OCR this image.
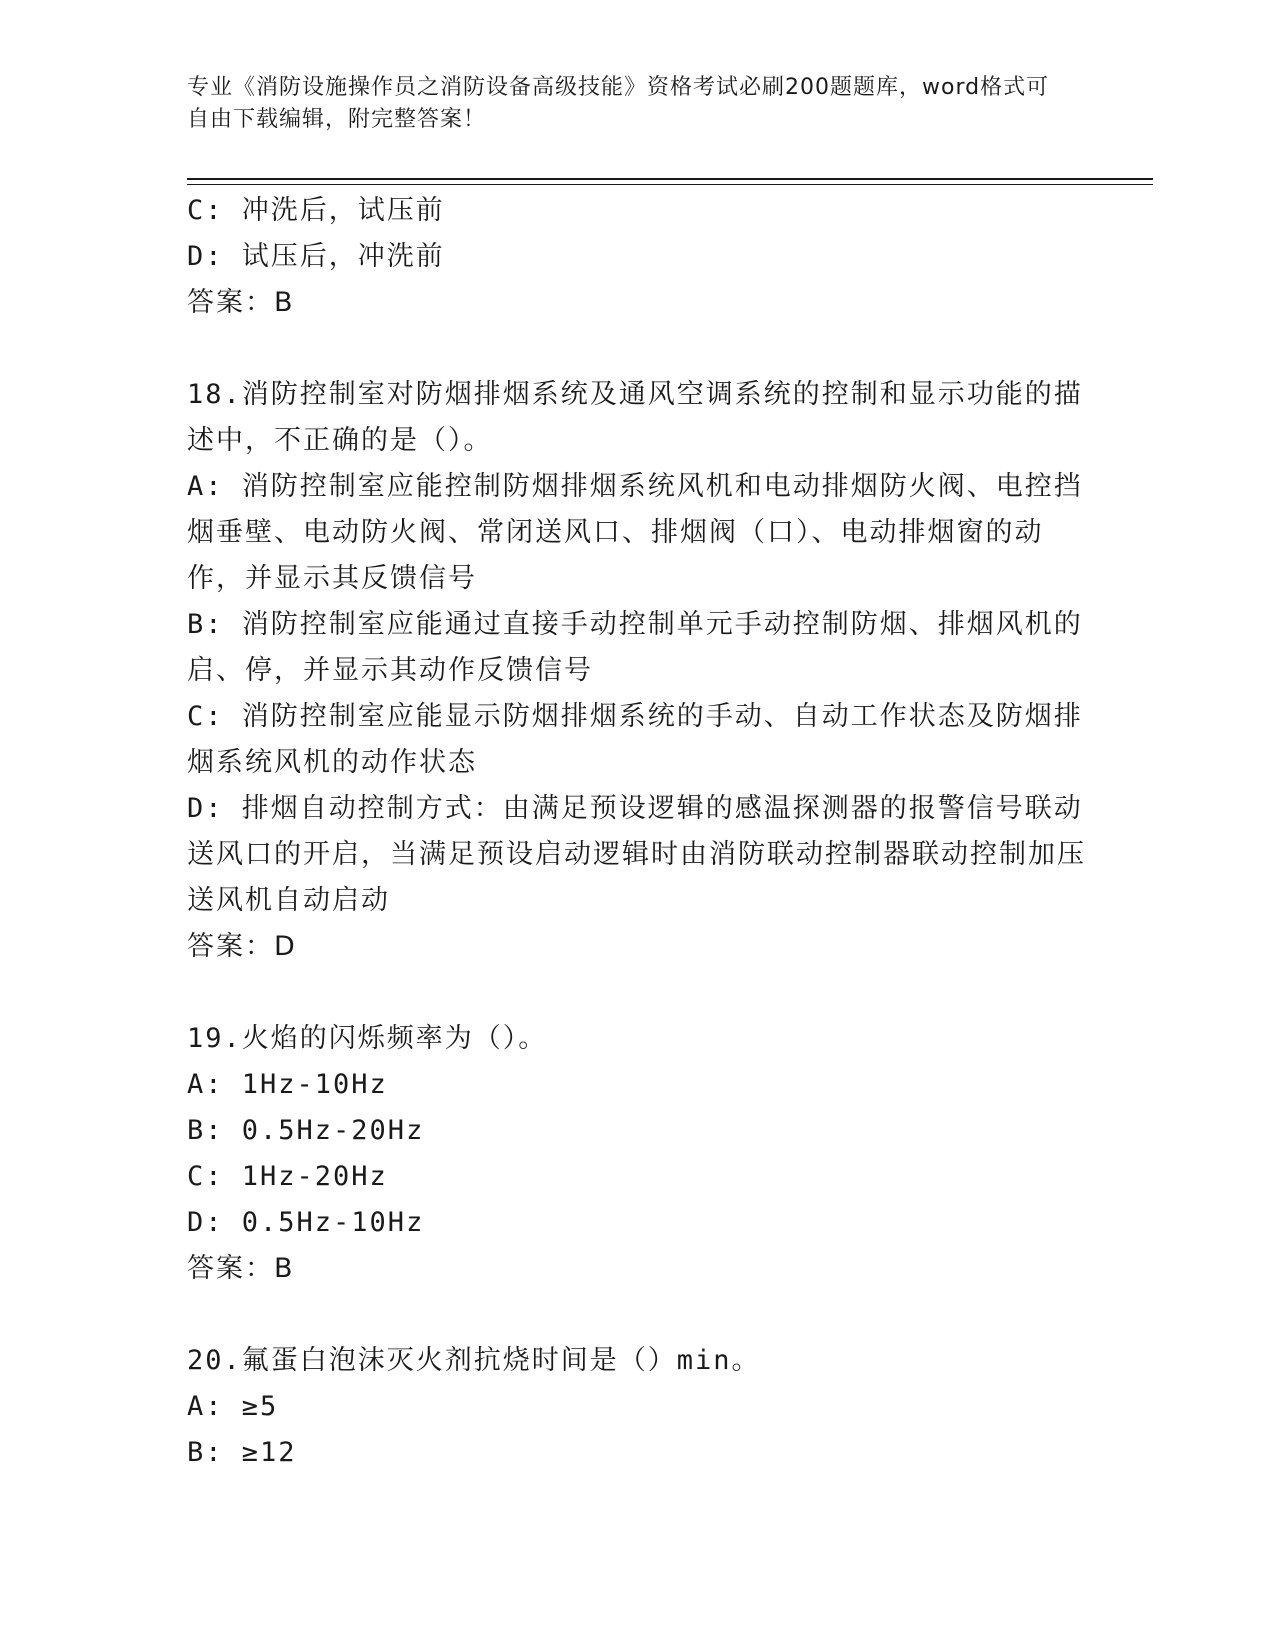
专业《消防设施操作员之消防设备高级技能》资格考试必刷200题题库，word格式可自由下载编辑，附完整答案！
C: 冲洗后，试压前
D: 试压后，冲洗前
答案：B
18.消防控制室对防烟排烟系统及通风空调系统的控制和显示功能的描述中，不正确的是（）。
A: 消防控制室应能控制防烟排烟系统风机和电动排烟防火阀、电控挡烟垂壁、电动防火阀、常闭送风口、排烟阀（口）、电动排烟窗的动作，并显示其反馈信号
B: 消防控制室应能通过直接手动控制单元手动控制防烟、排烟风机的启、停，并显示其动作反馈信号
C: 消防控制室应能显示防烟排烟系统的手动、自动工作状态及防烟排烟系统风机的动作状态
D: 排烟自动控制方式：由满足预设逻辑的感温探测器的报警信号联动送风口的开启，当满足预设启动逻辑时由消防联动控制器联动控制加压送风机自动启动
答案：D
19.火焰的闪烁频率为（）。
A: 1Hz-10Hz
B: 0.5Hz-20Hz
C: 1Hz-20Hz
D: 0.5Hz-10Hz
答案：B
20.氟蛋白泡沫灭火剂抗烧时间是（）min。
A: ≥5
B: ≥12
